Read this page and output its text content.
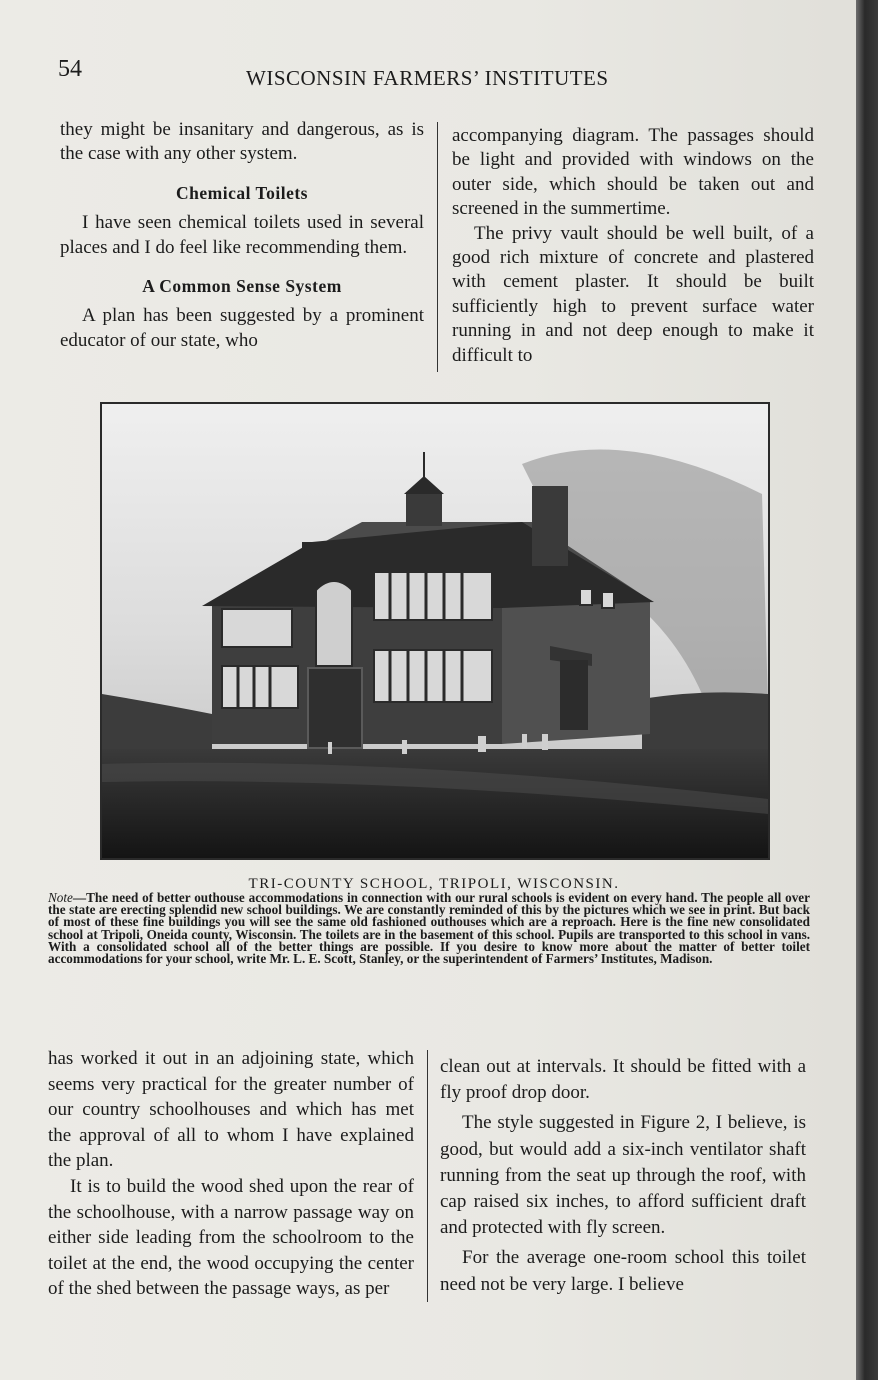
54	WISCONSIN FARMERS’ INSTITUTES

they might be insanitary and dangerous, as is the case with any other system.

Chemical Toilets

I have seen chemical toilets used in several places and I do feel like recommending them.

A Common Sense System

A plan has been suggested by a prominent educator of our state, who

accompanying diagram. The passages should be light and provided with windows on the outer side, which should be taken out and screened in the summertime.

The privy vault should be well built, of a good rich mixture of concrete and plastered with cement plaster. It should be built sufficiently high to prevent surface water running in and not deep enough to make it difficult to

TRI-COUNTY SCHOOL, TRIPOLI, WISCONSIN.
Note—The need of better outhouse accommodations in connection with our rural schools is evident on every hand. The people all over the state are erecting splendid new school buildings. We are constantly reminded of this by the pictures which we see in print. But back of most of these fine buildings you will see the same old fashioned outhouses which are a reproach. Here is the fine new consolidated school at Tripoli, Oneida county, Wisconsin. The toilets are in the basement of this school. Pupils are transported to this school in vans. With a consolidated school all of the better things are possible. If you desire to know more about the matter of better toilet accommodations for your school, write Mr. L. E. Scott, Stanley, or the superintendent of Farmers’ Institutes, Madison.

has worked it out in an adjoining state, which seems very practical for the greater number of our country schoolhouses and which has met the approval of all to whom I have explained the plan.

It is to build the wood shed upon the rear of the schoolhouse, with a narrow passage way on either side leading from the schoolroom to the toilet at the end, the wood occupying the center of the shed between the passage ways, as per

clean out at intervals. It should be fitted with a fly proof drop door.

The style suggested in Figure 2, I believe, is good, but would add a six-inch ventilator shaft running from the seat up through the roof, with cap raised six inches, to afford sufficient draft and protected with fly screen.

For the average one-room school this toilet need not be very large. I believe
